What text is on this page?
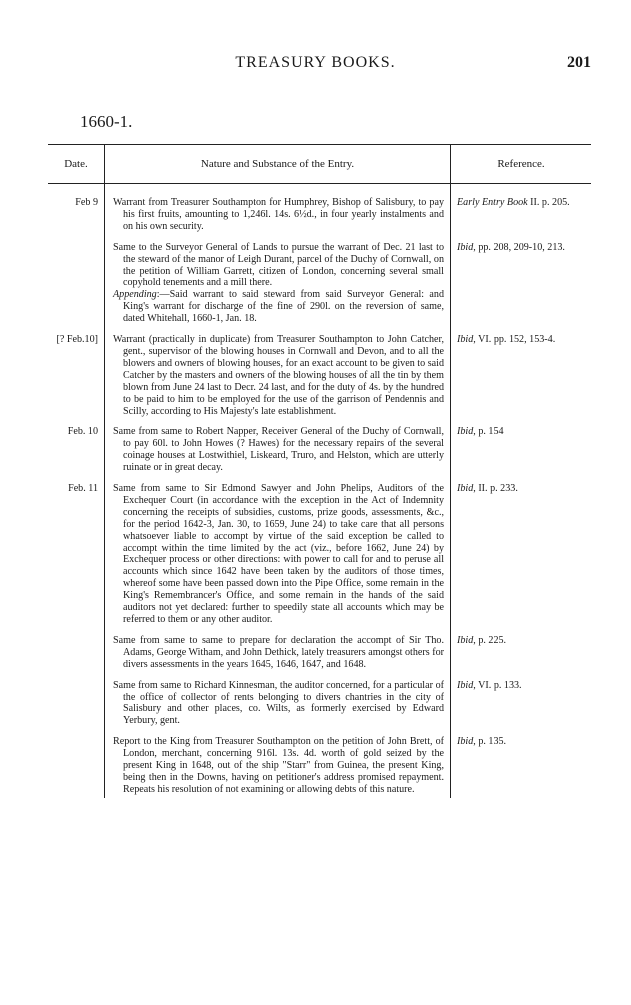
TREASURY BOOKS.	201
1660-1.
Date.	Nature and Substance of the Entry.	Reference.

Feb 9	Warrant from Treasurer Southampton for Humphrey, Bishop of Salisbury, to pay his first fruits, amounting to 1,246l. 14s. 6½d., in four yearly instalments and on his own security.	Early Entry Book II. p. 205.

	Same to the Surveyor General of Lands to pursue the warrant of Dec. 21 last to the steward of the manor of Leigh Durant, parcel of the Duchy of Cornwall, on the petition of William Garrett, citizen of London, concerning several small copyhold tenements and a mill there.
Appending:—Said warrant to said steward from said Surveyor General: and King's warrant for discharge of the fine of 290l. on the reversion of same, dated Whitehall, 1660-1, Jan. 18.	Ibid, pp. 208, 209-10, 213.

[? Feb.10]	Warrant (practically in duplicate) from Treasurer Southampton to John Catcher, gent., supervisor of the blowing houses in Cornwall and Devon, and to all the blowers and owners of blowing houses, for an exact account to be given to said Catcher by the masters and owners of the blowing houses of all the tin by them blown from June 24 last to Decr. 24 last, and for the duty of 4s. by the hundred to be paid to him to be employed for the use of the garrison of Pendennis and Scilly, according to His Majesty's late establishment.	Ibid, VI. pp. 152, 153-4.

Feb. 10	Same from same to Robert Napper, Receiver General of the Duchy of Cornwall, to pay 60l. to John Howes (? Hawes) for the necessary repairs of the several coinage houses at Lostwithiel, Liskeard, Truro, and Helston, which are utterly ruinate or in great decay.	Ibid, p. 154

Feb. 11	Same from same to Sir Edmond Sawyer and John Phelips, Auditors of the Exchequer Court (in accordance with the exception in the Act of Indemnity concerning the receipts of subsidies, customs, prize goods, assessments, &c., for the period 1642-3, Jan. 30, to 1659, June 24) to take care that all persons whatsoever liable to accompt by virtue of the said exception be called to accompt within the time limited by the act (viz., before 1662, June 24) by Exchequer process or other directions: with power to call for and to peruse all accounts which since 1642 have been taken by the auditors of those times, whereof some have been passed down into the Pipe Office, some remain in the King's Remembrancer's Office, and some remain in the hands of the said auditors not yet declared: further to speedily state all accounts which may be referred to them or any other auditor.	Ibid, II. p. 233.

	Same from same to same to prepare for declaration the accompt of Sir Tho. Adams, George Witham, and John Dethick, lately treasurers amongst others for divers assessments in the years 1645, 1646, 1647, and 1648.	Ibid, p. 225.

	Same from same to Richard Kinnesman, the auditor concerned, for a particular of the office of collector of rents belonging to divers chantries in the city of Salisbury and other places, co. Wilts, as formerly exercised by Edward Yerbury, gent.	Ibid, VI. p. 133.

	Report to the King from Treasurer Southampton on the petition of John Brett, of London, merchant, concerning 916l. 13s. 4d. worth of gold seized by the present King in 1648, out of the ship "Starr" from Guinea, the present King, being then in the Downs, having on petitioner's address promised repayment. Repeats his resolution of not examining or allowing debts of this nature.	Ibid, p. 135.
